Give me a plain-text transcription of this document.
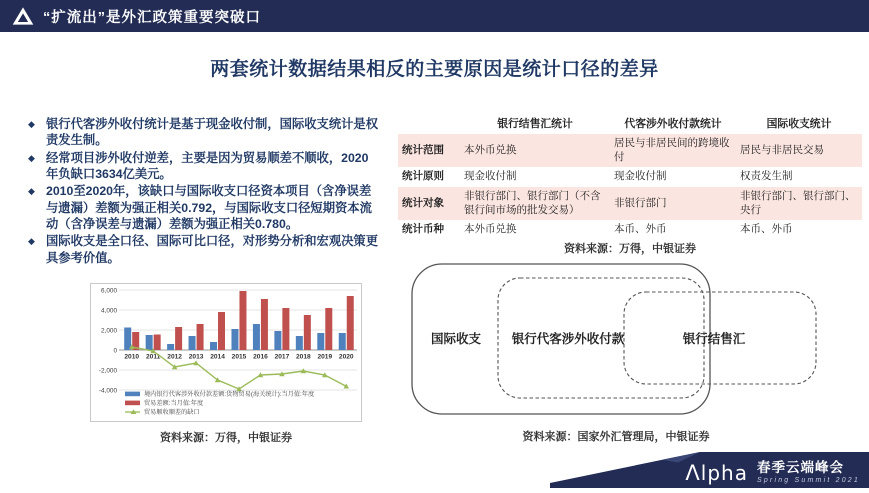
“扩流出”是外汇政策重要突破口
两套统计数据结果相反的主要原因是统计口径的差异
◆ 银行代客涉外收付统计是基于现金收付制，国际收支统计是权责发生制。
◆ 经常项目涉外收付逆差，主要是因为贸易顺差不顺收，2020年负缺口3634亿美元。
◆ 2010至2020年，该缺口与国际收支口径资本项目（含净误差与遗漏）差额为强正相关0.792，与国际收支口径短期资本流动（含净误差与遗漏）差额为强正相关0.780。
◆ 国际收支是全口径、国际可比口径，对形势分析和宏观决策更具参考价值。
6,000
4,000
2,000
0
-2,000
-4,000
2010 2011 2012 2013 2014 2015 2016 2017 2018 2019 2020
境内银行代客涉外收付款差额:货物贸易(海关统计):当月值:年度
贸易差额:当月值:年度
贸易顺收顺差的缺口
资料来源：万得，中银证券
	银行结售汇统计	代客涉外收付款统计	国际收支统计
统计范围	本外币兑换	居民与非居民间的跨境收付	居民与非居民交易
统计原则	现金收付制	现金收付制	权责发生制
统计对象	非银行部门、银行部门（不含银行间市场的批发交易）	非银行部门	非银行部门、银行部门、央行
统计币种	本外币兑换	本币、外币	本币、外币
资料来源：万得，中银证券
国际收支 银行代客涉外收付款	银行结售汇
资料来源：国家外汇管理局，中银证券
Λlpha 春季云端峰会
Spring Summit 2021
